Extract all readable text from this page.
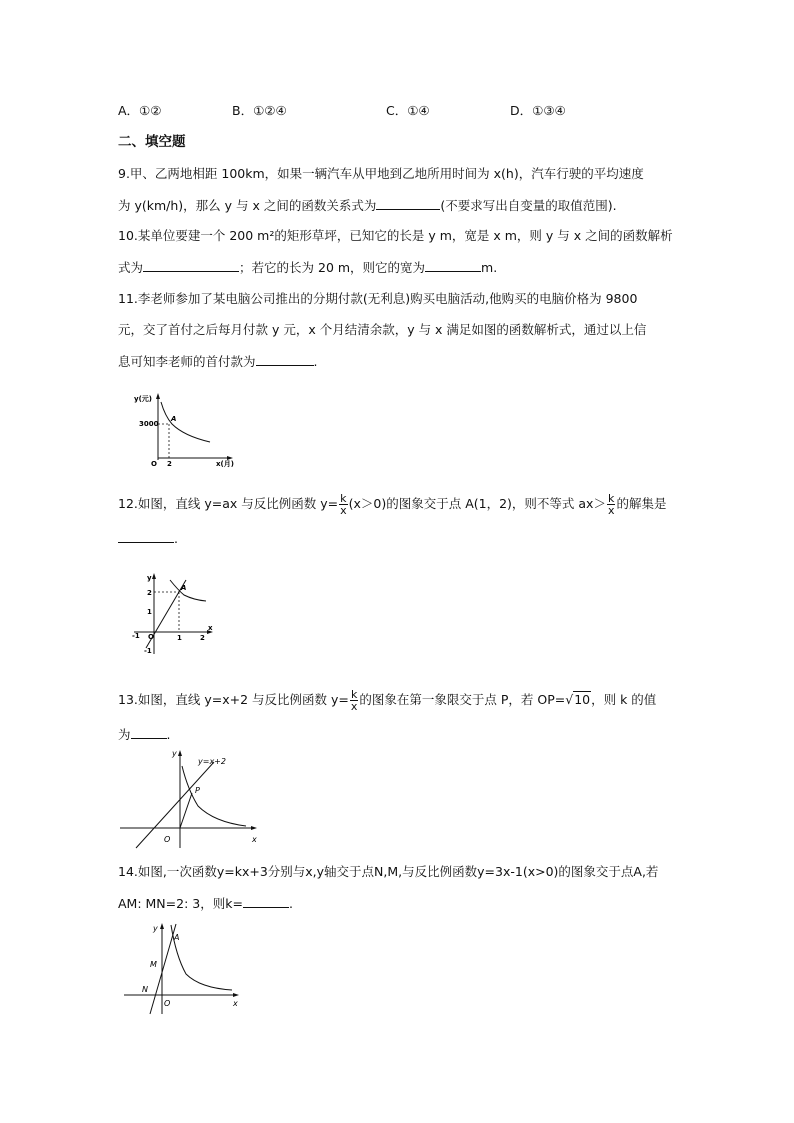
A．①②	B．①②④	C．①④	D．①③④
二、填空题
9.甲、乙两地相距 100km，如果一辆汽车从甲地到乙地所用时间为 x(h)，汽车行驶的平均速度
为 y(km/h)，那么 y 与 x 之间的函数关系式为	(不要求写出自变量的取值范围).
10.某单位要建一个 200 m²的矩形草坪，已知它的长是 y m，宽是 x m，则 y 与 x 之间的函数解析
式为	；若它的长为 20 m，则它的宽为	m.
11.李老师参加了某电脑公司推出的分期付款(无利息)购买电脑活动,他购买的电脑价格为 9800
元，交了首付之后每月付款 y 元，x 个月结清余款，y 与 x 满足如图的函数解析式，通过以上信
息可知李老师的首付款为	.
y(元)
x(月)
3000
2
O
A
12.如图，直线 y=ax 与反比例函数 $y= \frac{k}{x} (x>0)$的图象交于点 A(1，2)，则不等式 $ax> \frac{k}{x}$ 的解集是
.
y
x
A
2
1
-1
-1 O	1	2
13.如图，直线 y=x+2 与反比例函数 $y= \frac{k}{x}$ 的图象在第一象限交于点 P，若 OP=√10，则 k 的值
为	.
y
x
O
P
y=x+2
14.如图,一次函数y=kx+3分别与x,y轴交于点N,M,与反比例函数y=3x-1(x>0)的图象交于点A,若
AM: MN=2: 3，则k=	.
y
x
O
A
M
N
